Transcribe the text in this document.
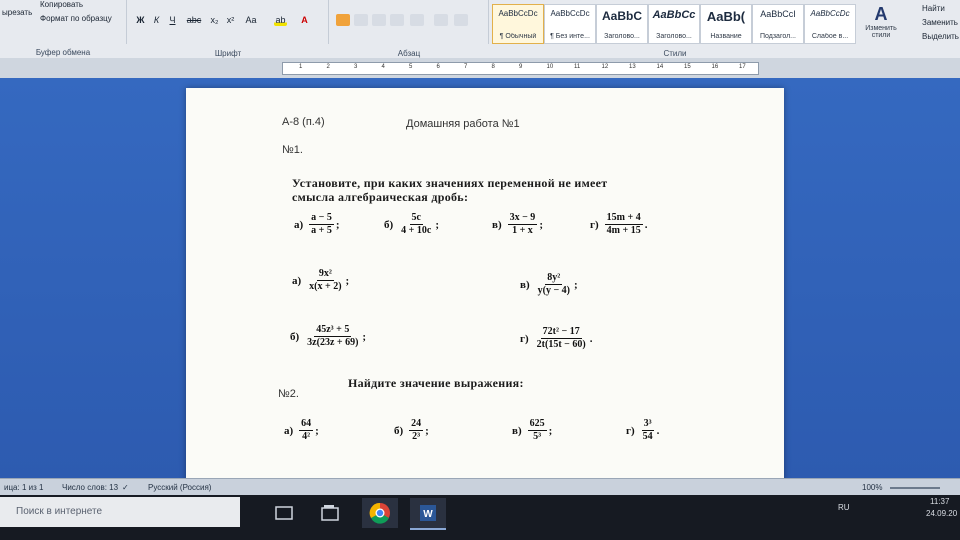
ырезать
Копировать
Формат по образцу
Буфер обмена
Ж	К	Ч	abc	x₂ x²	Aa	ab	A
Шрифт	Абзац
AaBbCcDc
¶ Обычный
AaBbCcDc
¶ Без инте...
AaBbC
Заголово...
AaBbCc
Заголово...
AaBb(
Название
AaBbCcI
Подзагол...
AaBbCcDc
Слабое в...
Стили
A
Изменить стили
Найти
Заменить
Выделить
1	2	3	4	5	6	7	8	9	10	11	12	13	14	15	16	17
А-8 (п.4)	Домашняя работа №1
№1.
Установите, при каких значениях переменной не имеет
смысла алгебраическая дробь:
$а) \frac{a - 5}{a + 5}$ ;	$б) \frac{5c}{4 + 10c}$ ;	$в) \frac{3x - 9}{1 + x}$ ;	$г) \frac{15m + 4}{4m + 15}$ .
$а) \frac{\text{9x²}}{x(x + 2)}$ ;	$в) \frac{\text{8y²}}{y(y - 4)}$ ;
$б) \frac{\text{45z³ + 5}}{3z(23z + 69)}$ ;	$г) \frac{\text{72t² − 17}}{2t(15t - 60)}$ .
Найдите значение выражения:
№2.
$а) \frac{64}{\text{4²}}$ ;	$б) \frac{24}{\text{2³}}$ ;	$в) \frac{625}{\text{5³}}$ ;	$г) \frac{\text{3³}}{54}$ .
ица: 1 из 1 Число слов: 13 ✓ Русский (Россия)	100%
Поиск в интернете	W
RU
11:37
24.09.20
